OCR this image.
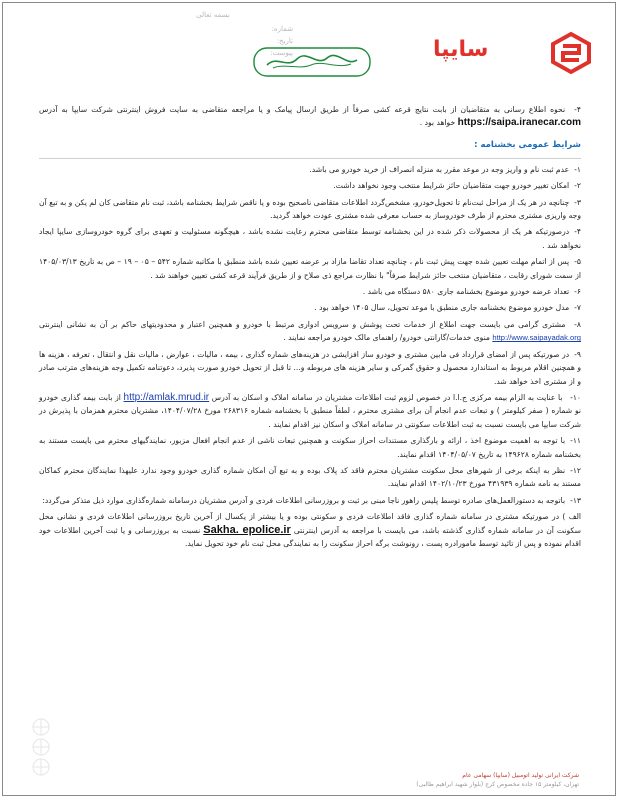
بسمه تعالی
شماره:
تاریخ:
پیوست:	سایپا

۴- نحوه اطلاع رسانی به متقاضیان از بابت نتایج قرعه کشی صرفاً از طریق ارسال پیامک و یا مراجعه متقاضی به سایت فروش اینترنتی شرکت سایپا به آدرس https://saipa.iranecar.com خواهد بود .

شرایط عمومی بخشنامه :

۱-عدم ثبت نام و واریز وجه در موعد مقرر به منزله انصراف از خرید خودرو می باشد.

۲-امکان تغییر خودرو جهت متقاضیان حائز شرایط منتخب وجود نخواهد داشت.

۳-چنانچه در هر یک از مراحل ثبت‌نام تا تحویل‌خودرو، مشخص‌گردد اطلاعات متقاضی ناصحیح بوده و یا ناقص شرایط بخشنامه باشد، ثبت نام متقاضی کان لم یکن و به تبع آن وجه واریزی مشتری محترم از طرف خودروساز به حساب معرفی شده مشتری عودت خواهد گردید.

۴-درصورتیکه هر یک از محصولات ذکر شده در این بخشنامه توسط متقاضی محترم رعایت نشده باشد ، هیچگونه مسئولیت و تعهدی برای گروه خودروسازی سایپا ایجاد نخواهد شد .

۵-پس از اتمام مهلت تعیین شده جهت پیش ثبت نام ، چنانچه تعداد تقاضا مازاد بر عرضه تعیین شده باشد منطبق با مکاتبه شماره ۵۴۲ – ۰۵ – ۱۹ – ص به تاریخ ۱۴۰۵/۰۳/۱۳ از سمت شورای رقابت ، متقاضیان منتخب حائز شرایط صرفاً" با نظارت مراجع ذی صلاح و از طریق فرآیند قرعه کشی تعیین خواهند شد .

۶-تعداد عرضه خودرو موضوع بخشنامه جاری ۵۸۰ دستگاه می باشد .

۷-مدل خودرو موضوع بخشنامه جاری منطبق با موعد تحویل، سال ۱۴۰۵ خواهد بود .

۸- مشتری گرامی می بایست جهت اطلاع از خدمات تحت پوشش و سرویس ادواری مرتبط با خودرو و همچنین اعتبار و محدودیتهای حاکم بر آن به نشانی اینترنتی http://www.saipayadak.org منوی خدمات/گارانتی خودرو/ راهنمای مالک خودرو مراجعه نمایند .

۹-در صورتیکه پس از امضای قرارداد فی مابین مشتری و خودرو ساز افزایشی در هزینه‌های شماره گذاری ، بیمه ، مالیات ، عوارض ، مالیات نقل و انتقال ، تعرفه ، هزینه ها و همچنین اقلام مربوط به استاندارد محصول و حقوق گمرکی و سایر هزینه های مربوطه و... تا قبل از تحویل خودرو صورت پذیرد، دعوتنامه تکمیل وجه هزینه‌های مترتب صادر و از مشتری اخذ خواهد شد.

۱۰- با عنایت به الزام بیمه مرکزی ج.ا.ا در خصوص لزوم ثبت اطلاعات مشتریان در سامانه املاک و اسکان به آدرس http://amlak.mrud.ir از بابت بیمه گذاری خودرو نو شماره ( صفر کیلومتر ) و تبعات عدم انجام آن برای مشتری محترم ، لطفاً منطبق با بخشنامه شماره ۲۶۸۳۱۶ مورخ ۱۴۰۴/۰۷/۲۸، مشتریان محترم همزمان با پذیرش در شرکت سایپا می بایست نسبت به ثبت اطلاعات سکونتی در سامانه املاک و اسکان نیز اقدام نمایند .

۱۱-با توجه به اهمیت موضوع اخذ ، ارائه و بارگذاری مستندات احراز سکونت و همچنین تبعات ناشی از عدم انجام افعال مزبور، نمایندگیهای محترم می بایست مستند به بخشنامه شماره ۱۴۹۶۲۸ به تاریخ ۱۴۰۴/۰۵/۰۷ اقدام نمایند.

۱۲-نظر به اینکه برخی از شهرهای محل سکونت مشتریان محترم فاقد کد پلاک بوده و به تبع آن امکان شماره گذاری خودرو وجود ندارد علیهذا نمایندگان محترم کماکان مستند به نامه شماره ۴۳۱۹۳۹ مورخ ۱۴۰۲/۱۰/۲۳ اقدام نمایند.

۱۳-باتوجه به دستورالعمل‌های صادره توسط پلیس راهور ناجا مبنی بر ثبت و بروزرسانی اطلاعات فردی و آدرس مشتریان درسامانه شماره‌گذاری موارد ذیل متذکر می‌گردد:

الف ) در صورتیکه مشتری در سامانه شماره گذاری فاقد اطلاعات فردی و سکونتی بوده و یا بیشتر از یکسال از آخرین تاریخ بروزرسانی اطلاعات فردی و نشانی محل سکونت آن در سامانه شماره گذاری گذشته باشد، می بایست با مراجعه به آدرس اینترنتی Sakha. epolice.ir نسبت به بروزرسانی و یا ثبت آخرین اطلاعات خود اقدام نموده و پس از تائید توسط مامورادره پست ، رونوشت برگه احراز سکونت را به نمایندگی محل ثبت نام خود تحویل نماید.

شرکت ایرانی تولید اتومبیل (سایپا) سهامی عام
تهران، کیلومتر ۱۵ جاده مخصوص کرج (بلوار شهید ابراهیم طالبی)
